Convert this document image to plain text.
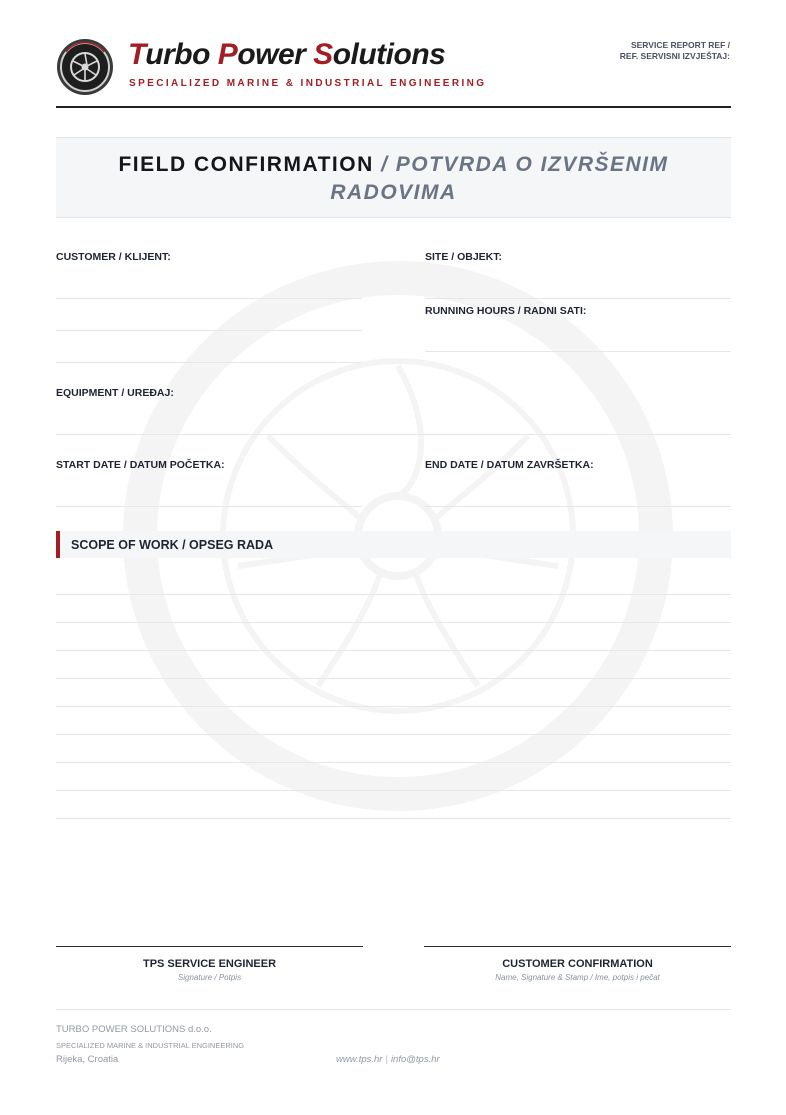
Turbo Power Solutions
SPECIALIZED MARINE & INDUSTRIAL ENGINEERING
SERVICE REPORT REF /
REF. SERVISNI IZVJEŠTAJ:
FIELD CONFIRMATION / POTVRDA O IZVRŠENIM RADOVIMA
CUSTOMER / KLIJENT:	SITE / OBJEKT:
RUNNING HOURS / RADNI SATI:
EQUIPMENT / UREĐAJ:
START DATE / DATUM POČETKA:	END DATE / DATUM ZAVRŠETKA:
SCOPE OF WORK / OPSEG RADA
TPS SERVICE ENGINEER
Signature / Potpis
CUSTOMER CONFIRMATION
Name, Signature & Stamp / Ime, potpis i pečat
TURBO POWER SOLUTIONS d.o.o.
SPECIALIZED MARINE & INDUSTRIAL ENGINEERING
Rijeka, Croatia	www.tps.hr | info@tps.hr
